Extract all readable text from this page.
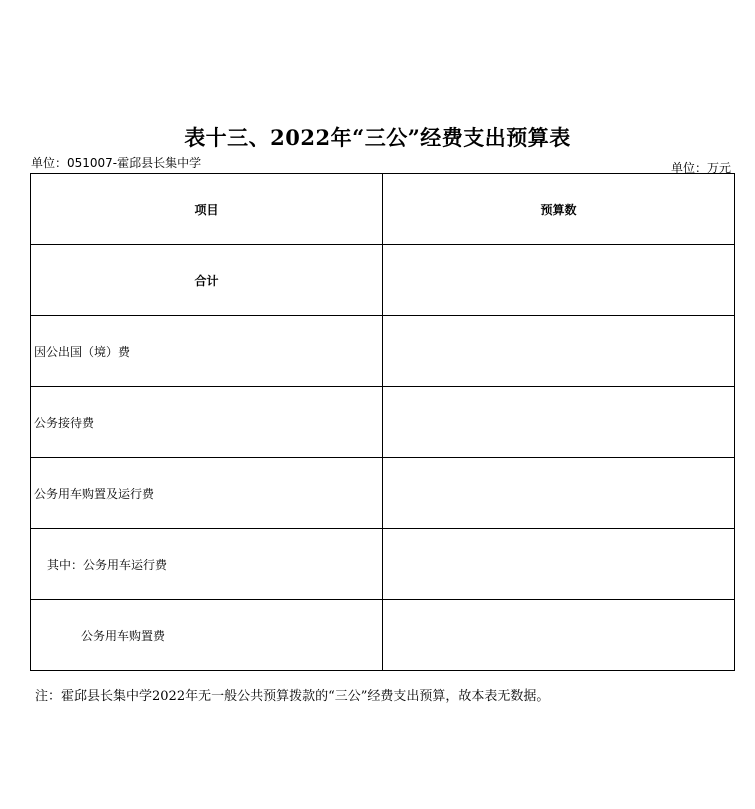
表十三、2022年“三公”经费支出预算表
单位：051007-霍邱县长集中学	单位：万元
项目	预算数
合计	
因公出国（境）费	
公务接待费	
公务用车购置及运行费	
其中：公务用车运行费	
公务用车购置费	
注：霍邱县长集中学2022年无一般公共预算拨款的“三公”经费支出预算，故本表无数据。
